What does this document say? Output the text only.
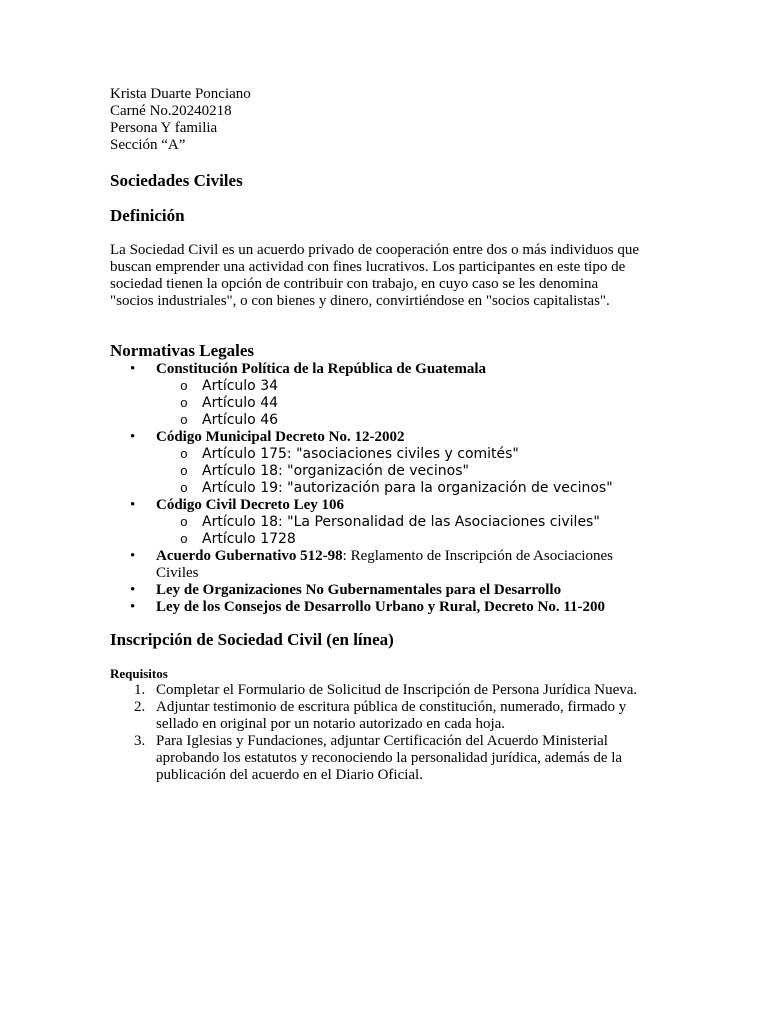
Krista Duarte Ponciano
Carné No.20240218
Persona Y familia
Sección “A”
Sociedades Civiles
Definición

La Sociedad Civil es un acuerdo privado de cooperación entre dos o más individuos que
buscan emprender una actividad con fines lucrativos. Los participantes en este tipo de
sociedad tienen la opción de contribuir con trabajo, en cuyo caso se les denomina
"socios industriales", o con bienes y dinero, convirtiéndose en "socios capitalistas".

Normativas Legales
• Constitución Política de la República de Guatemala
o Artículo 34
o Artículo 44
o Artículo 46
• Código Municipal Decreto No. 12-2002
o Artículo 175: "asociaciones civiles y comités"
o Artículo 18: "organización de vecinos"
o Artículo 19: "autorización para la organización de vecinos"
• Código Civil Decreto Ley 106
o Artículo 18: "La Personalidad de las Asociaciones civiles"
o Artículo 1728
• Acuerdo Gubernativo 512-98: Reglamento de Inscripción de Asociaciones
Civiles
• Ley de Organizaciones No Gubernamentales para el Desarrollo
• Ley de los Consejos de Desarrollo Urbano y Rural, Decreto No. 11-200
Inscripción de Sociedad Civil (en línea)
Requisitos
1. Completar el Formulario de Solicitud de Inscripción de Persona Jurídica Nueva.
2. Adjuntar testimonio de escritura pública de constitución, numerado, firmado y
sellado en original por un notario autorizado en cada hoja.
3. Para Iglesias y Fundaciones, adjuntar Certificación del Acuerdo Ministerial
aprobando los estatutos y reconociendo la personalidad jurídica, además de la
publicación del acuerdo en el Diario Oficial.
